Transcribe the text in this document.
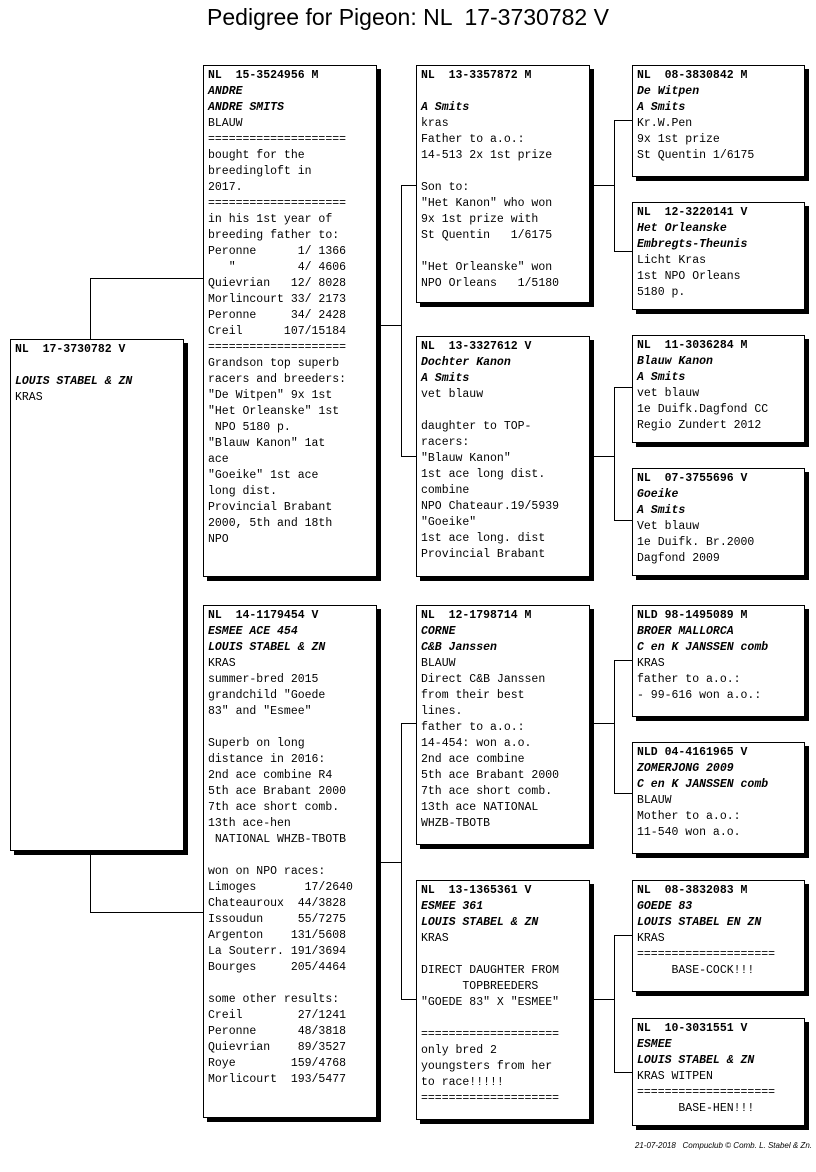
Pedigree for Pigeon: NL  17-3730782 V
NL  17-3730782 V
LOUIS STABEL & ZN
KRAS
NL  15-3524956 M
ANDRE
ANDRE SMITS
BLAUW
====================
bought for the
breedingloft in
2017.
====================
in his 1st year of
breeding father to:
Peronne      1/ 1366
"         4/ 4606
Quievrian   12/ 8028
Morlincourt 33/ 2173
Peronne     34/ 2428
Creil      107/15184
====================
Grandson top superb
racers and breeders:
"De Witpen" 9x 1st
"Het Orleanske" 1st
NPO 5180 p.
"Blauw Kanon" 1at
ace
"Goeike" 1st ace
long dist.
Provincial Brabant
2000, 5th and 18th
NPO
NL  14-1179454 V
ESMEE ACE 454
LOUIS STABEL & ZN
KRAS
summer-bred 2015
grandchild "Goede
83" and "Esmee"
Superb on long
distance in 2016:
2nd ace combine R4
5th ace Brabant 2000
7th ace short comb.
13th ace-hen
NATIONAL WHZB-TBOTB
won on NPO races:
Limoges       17/2640
Chateauroux  44/3828
Issoudun     55/7275
Argenton    131/5608
La Souterr. 191/3694
Bourges     205/4464
some other results:
Creil        27/1241
Peronne      48/3818
Quievrian    89/3527
Roye        159/4768
Morlicourt  193/5477
NL  13-3357872 M
A Smits
kras
Father to a.o.:
14-513 2x 1st prize
Son to:
"Het Kanon" who won
9x 1st prize with
St Quentin   1/6175
"Het Orleanske" won
NPO Orleans   1/5180
NL  13-3327612 V
Dochter Kanon
A Smits
vet blauw
daughter to TOP-
racers:
"Blauw Kanon"
1st ace long dist.
combine
NPO Chateaur.19/5939
"Goeike"
1st ace long. dist
Provincial Brabant
NL  12-1798714 M
CORNE
C&B Janssen
BLAUW
Direct C&B Janssen
from their best
lines.
father to a.o.:
14-454: won a.o.
2nd ace combine
5th ace Brabant 2000
7th ace short comb.
13th ace NATIONAL
WHZB-TBOTB
NL  13-1365361 V
ESMEE 361
LOUIS STABEL & ZN
KRAS
DIRECT DAUGHTER FROM
TOPBREEDERS
"GOEDE 83" X "ESMEE"
====================
only bred 2
youngsters from her
to race!!!!!
====================
NL  08-3830842 M
De Witpen
A Smits
Kr.W.Pen
9x 1st prize
St Quentin 1/6175
NL  12-3220141 V
Het Orleanske
Embregts-Theunis
Licht Kras
1st NPO Orleans
5180 p.
NL  11-3036284 M
Blauw Kanon
A Smits
vet blauw
1e Duifk.Dagfond CC
Regio Zundert 2012
NL  07-3755696 V
Goeike
A Smits
Vet blauw
1e Duifk. Br.2000
Dagfond 2009
NLD 98-1495089 M
BROER MALLORCA
C en K JANSSEN comb
KRAS
father to a.o.:
- 99-616 won a.o.:
NLD 04-4161965 V
ZOMERJONG 2009
C en K JANSSEN comb
BLAUW
Mother to a.o.:
11-540 won a.o.
NL  08-3832083 M
GOEDE 83
LOUIS STABEL EN ZN
KRAS
====================
BASE-COCK!!!
NL  10-3031551 V
ESMEE
LOUIS STABEL & ZN
KRAS WITPEN
====================
BASE-HEN!!!
21-07-2018   Compuclub © Comb. L. Stabel & Zn.
